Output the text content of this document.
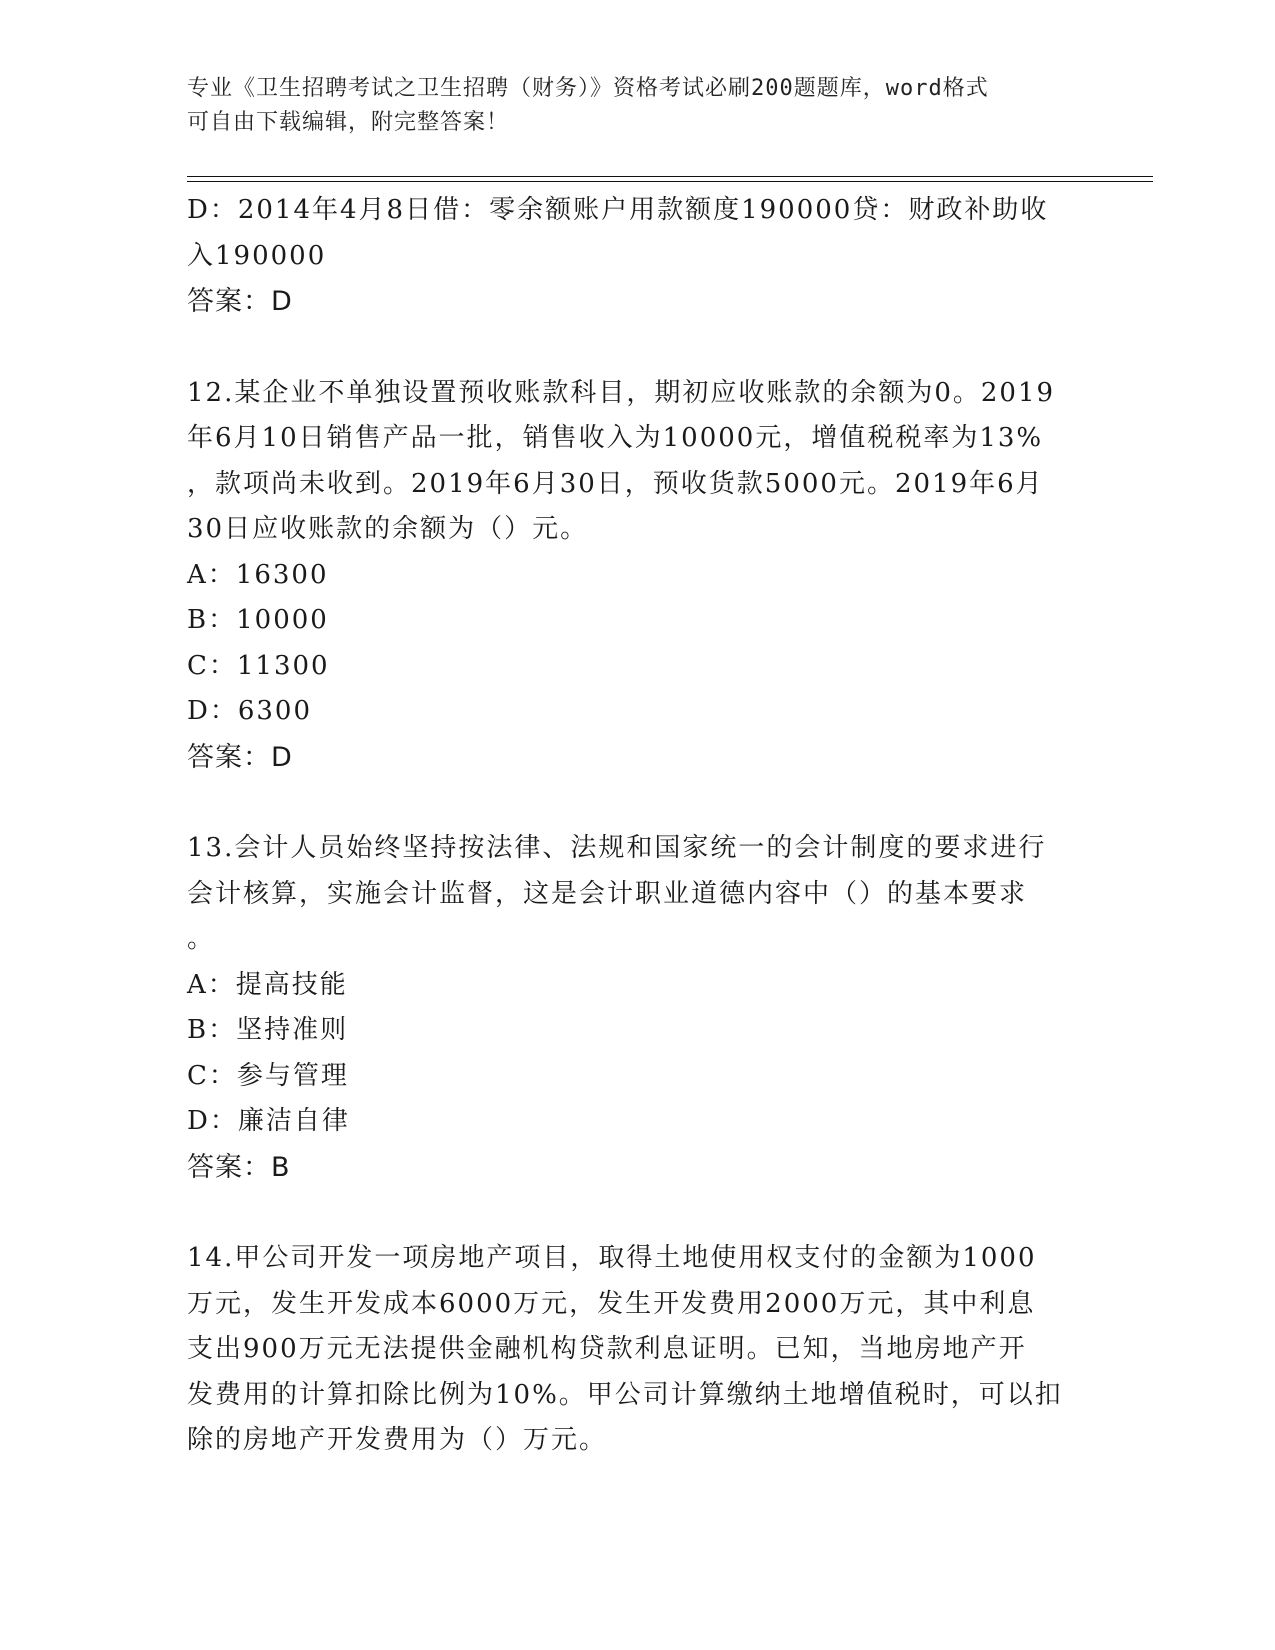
专业《卫生招聘考试之卫生招聘（财务）》资格考试必刷200题题库，word格式
可自由下载编辑，附完整答案！
D：2014年4月8日借：零余额账户用款额度190000贷：财政补助收
入190000
答案：D
12.某企业不单独设置预收账款科目，期初应收账款的余额为0。2019
年6月10日销售产品一批，销售收入为10000元，增值税税率为13%
，款项尚未收到。2019年6月30日，预收货款5000元。2019年6月
30日应收账款的余额为（）元。
A：16300
B：10000
C：11300
D：6300
答案：D
13.会计人员始终坚持按法律、法规和国家统一的会计制度的要求进行
会计核算，实施会计监督，这是会计职业道德内容中（）的基本要求
。
A：提高技能
B：坚持准则
C：参与管理
D：廉洁自律
答案：B
14.甲公司开发一项房地产项目，取得土地使用权支付的金额为1000
万元，发生开发成本6000万元，发生开发费用2000万元，其中利息
支出900万元无法提供金融机构贷款利息证明。已知，当地房地产开
发费用的计算扣除比例为10%。甲公司计算缴纳土地增值税时，可以扣
除的房地产开发费用为（）万元。
